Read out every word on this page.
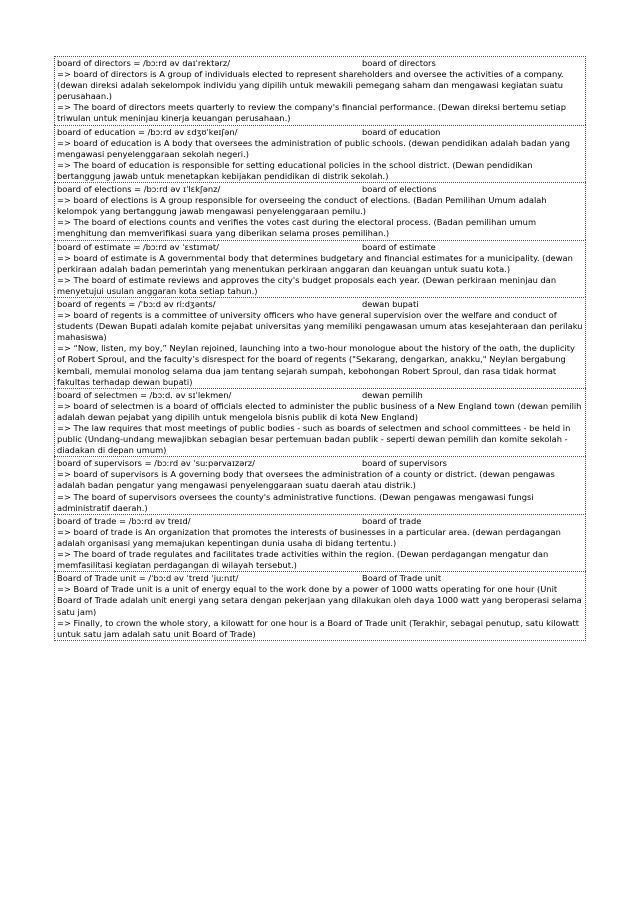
board of directors = /bɔːrd əv daɪˈrektərz/	board of directors

=> board of directors is A group of individuals elected to represent shareholders and oversee the activities of a company. (dewan direksi adalah sekelompok individu yang dipilih untuk mewakili pemegang saham dan mengawasi kegiatan suatu perusahaan.)

=> The board of directors meets quarterly to review the company's financial performance. (Dewan direksi bertemu setiap triwulan untuk meninjau kinerja keuangan perusahaan.)

board of education = /bɔːrd əv ɛdʒʊˈkeɪʃən/	board of education

=> board of education is A body that oversees the administration of public schools. (dewan pendidikan adalah badan yang mengawasi penyelenggaraan sekolah negeri.)

=> The board of education is responsible for setting educational policies in the school district. (Dewan pendidikan bertanggung jawab untuk menetapkan kebijakan pendidikan di distrik sekolah.)

board of elections = /bɔːrd əv ɪˈlɛkʃənz/	board of elections

=> board of elections is A group responsible for overseeing the conduct of elections. (Badan Pemilihan Umum adalah kelompok yang bertanggung jawab mengawasi penyelenggaraan pemilu.)

=> The board of elections counts and verifies the votes cast during the electoral process. (Badan pemilihan umum menghitung dan memverifikasi suara yang diberikan selama proses pemilihan.)

board of estimate = /bɔːrd əv ˈɛstɪmət/	board of estimate

=> board of estimate is A governmental body that determines budgetary and financial estimates for a municipality. (dewan perkiraan adalah badan pemerintah yang menentukan perkiraan anggaran dan keuangan untuk suatu kota.)

=> The board of estimate reviews and approves the city's budget proposals each year. (Dewan perkiraan meninjau dan menyetujui usulan anggaran kota setiap tahun.)

board of regents = /ˈbɔːd əv riːdʒənts/	dewan bupati

=> board of regents is a committee of university officers who have general supervision over the welfare and conduct of students (Dewan Bupati adalah komite pejabat universitas yang memiliki pengawasan umum atas kesejahteraan dan perilaku mahasiswa)

=> “Now, listen, my boy,” Neylan rejoined, launching into a two-hour monologue about the history of the oath, the duplicity of Robert Sproul, and the faculty’s disrespect for the board of regents ("Sekarang, dengarkan, anakku," Neylan bergabung kembali, memulai monolog selama dua jam tentang sejarah sumpah, kebohongan Robert Sproul, dan rasa tidak hormat fakultas terhadap dewan bupati)

board of selectmen = /bɔːd. əv sɪˈlekmen/	dewan pemilih

=> board of selectmen is a board of officials elected to administer the public business of a New England town (dewan pemilih adalah dewan pejabat yang dipilih untuk mengelola bisnis publik di kota New England)

=> The law requires that most meetings of public bodies - such as boards of selectmen and school committees - be held in public (Undang-undang mewajibkan sebagian besar pertemuan badan publik - seperti dewan pemilih dan komite sekolah - diadakan di depan umum)

board of supervisors = /bɔːrd əv ˈsuːpərvaɪzərz/	board of supervisors

=> board of supervisors is A governing body that oversees the administration of a county or district. (dewan pengawas adalah badan pengatur yang mengawasi penyelenggaraan suatu daerah atau distrik.)

=> The board of supervisors oversees the county's administrative functions. (Dewan pengawas mengawasi fungsi administratif daerah.)

board of trade = /bɔːrd əv treɪd/	board of trade

=> board of trade is An organization that promotes the interests of businesses in a particular area. (dewan perdagangan adalah organisasi yang memajukan kepentingan dunia usaha di bidang tertentu.)

=> The board of trade regulates and facilitates trade activities within the region. (Dewan perdagangan mengatur dan memfasilitasi kegiatan perdagangan di wilayah tersebut.)

Board of Trade unit = /ˈbɔːd əv ˈtreɪd ˈjuːnɪt/	Board of Trade unit

=> Board of Trade unit is a unit of energy equal to the work done by a power of 1000 watts operating for one hour (Unit Board of Trade adalah unit energi yang setara dengan pekerjaan yang dilakukan oleh daya 1000 watt yang beroperasi selama satu jam)

=> Finally, to crown the whole story, a kilowatt for one hour is a Board of Trade unit (Terakhir, sebagai penutup, satu kilowatt untuk satu jam adalah satu unit Board of Trade)
